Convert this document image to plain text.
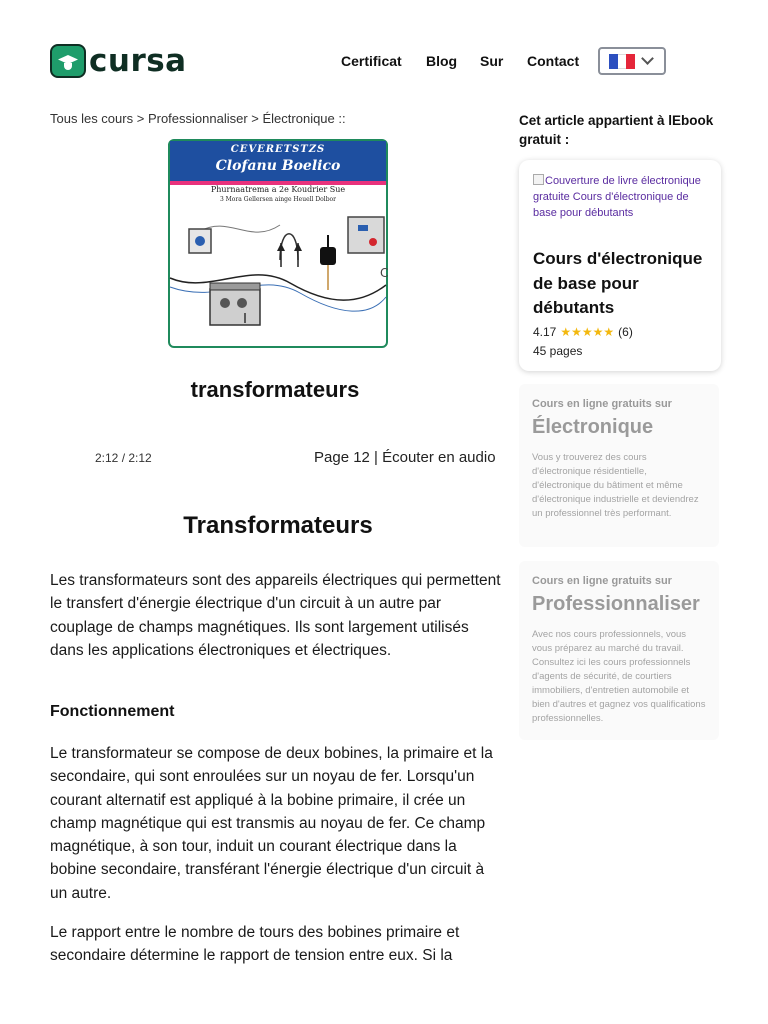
cursa	Certificat Blog Sur Contact
Tous les cours > Professionnaliser > Électronique ::
CEVERETSTZS
Clofanu Boelico
Phurnaatrema a 2e Koudrier Sue
3 Mora Gellersen ainge Heuell Dolbor
C
transformateurs
2:12 / 2:12	Page 12 | Écouter en audio
Transformateurs

Les transformateurs sont des appareils électriques qui permettent le transfert d'énergie électrique d'un circuit à un autre par couplage de champs magnétiques. Ils sont largement utilisés dans les applications électroniques et électriques.

Fonctionnement

Le transformateur se compose de deux bobines, la primaire et la secondaire, qui sont enroulées sur un noyau de fer. Lorsqu'un courant alternatif est appliqué à la bobine primaire, il crée un champ magnétique qui est transmis au noyau de fer. Ce champ magnétique, à son tour, induit un courant électrique dans la bobine secondaire, transférant l'énergie électrique d'un circuit à un autre.

Le rapport entre le nombre de tours des bobines primaire et secondaire détermine le rapport de tension entre eux. Si la

Cet article appartient à lEbook gratuit :
Couverture de livre électronique gratuite Cours d'électronique de base pour débutants
Cours d'électronique de base pour débutants
4.17 ★★★★★ (6)
45 pages
Cours en ligne gratuits sur
Électronique
Vous y trouverez des cours d'électronique résidentielle, d'électronique du bâtiment et même d'électronique industrielle et deviendrez un professionnel très performant.
Cours en ligne gratuits sur
Professionnaliser
Avec nos cours professionnels, vous vous préparez au marché du travail. Consultez ici les cours professionnels d'agents de sécurité, de courtiers immobiliers, d'entretien automobile et bien d'autres et gagnez vos qualifications professionnelles.
